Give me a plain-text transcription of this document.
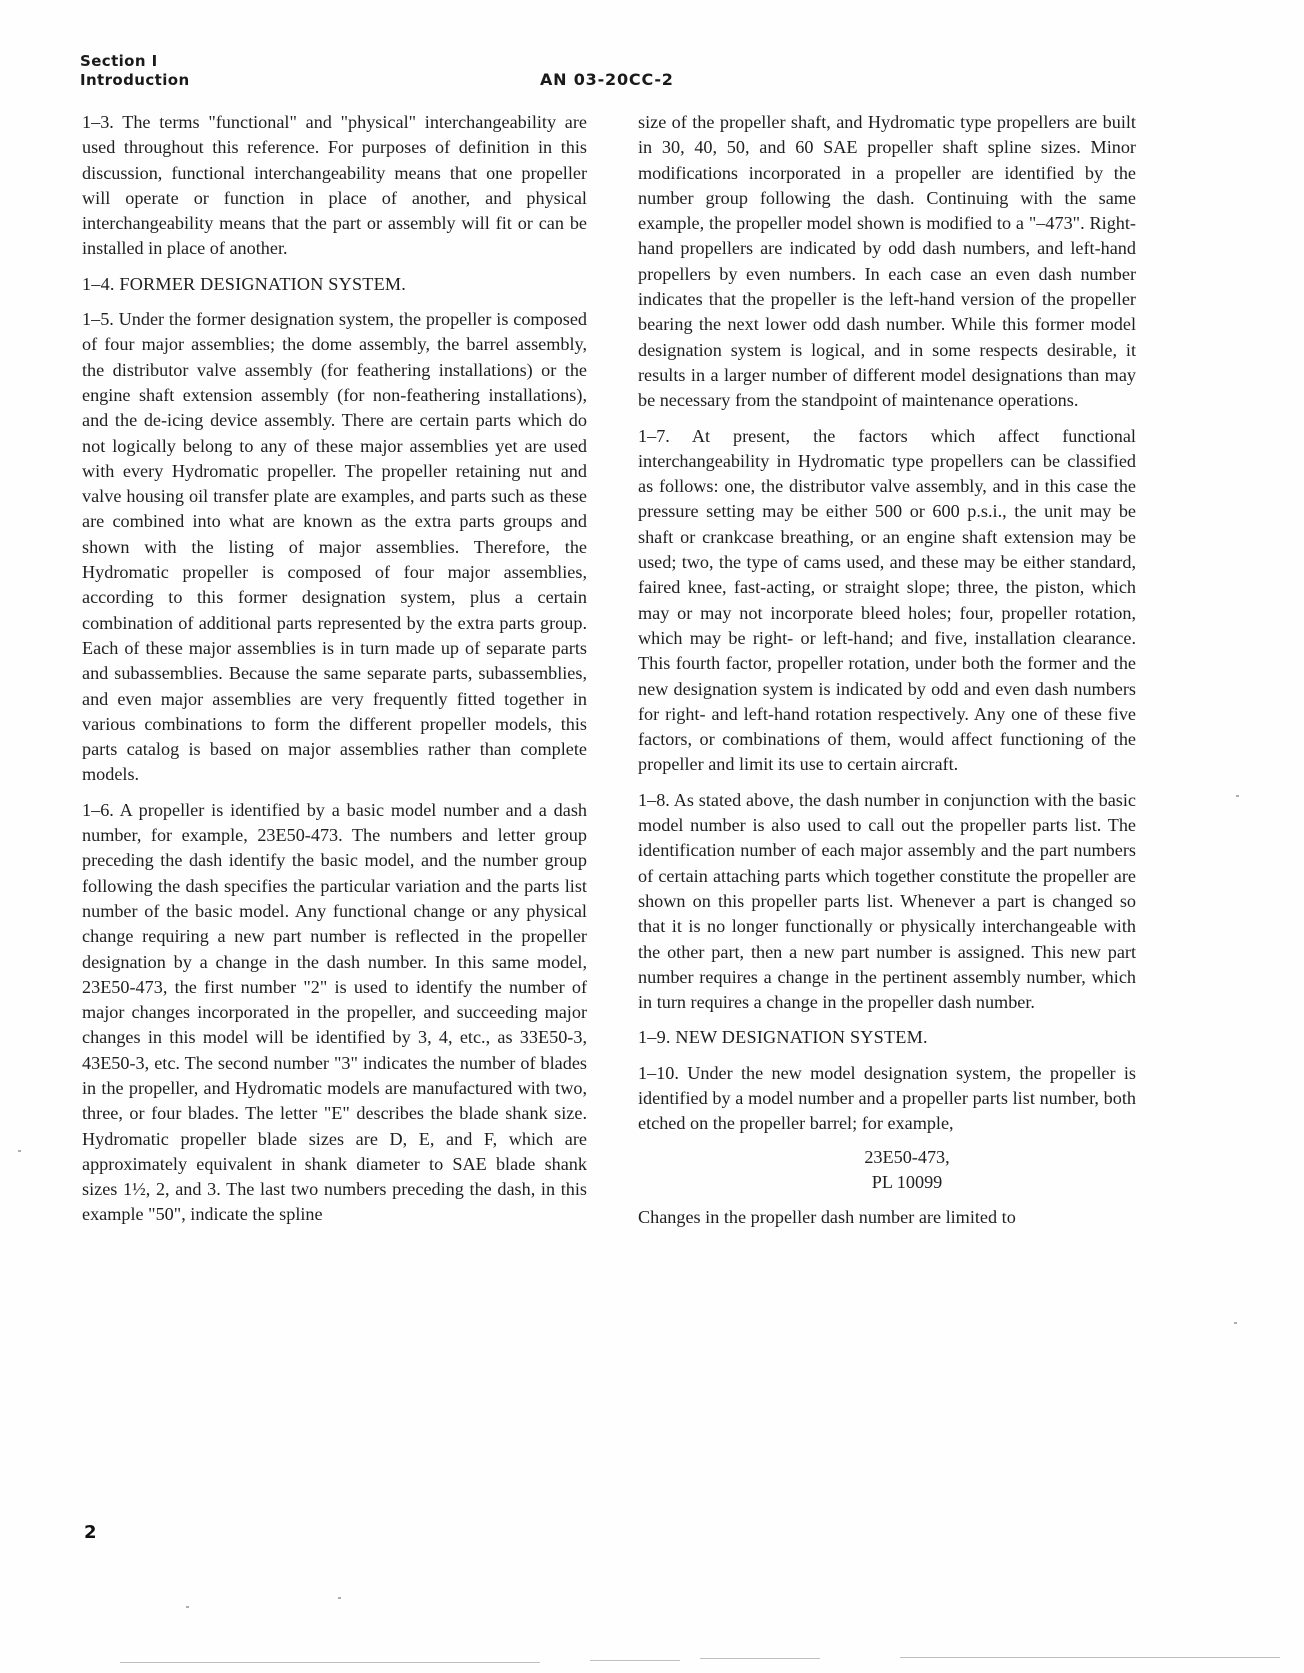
Section I
Introduction	AN 03-20CC-2

1–3. The terms "functional" and "physical" interchangeability are used throughout this reference. For purposes of definition in this discussion, functional interchangeability means that one propeller will operate or function in place of another, and physical interchangeability means that the part or assembly will fit or can be installed in place of another.

1–4. FORMER DESIGNATION SYSTEM.

1–5. Under the former designation system, the propeller is composed of four major assemblies; the dome assembly, the barrel assembly, the distributor valve assembly (for feathering installations) or the engine shaft extension assembly (for non-feathering installations), and the de-icing device assembly. There are certain parts which do not logically belong to any of these major assemblies yet are used with every Hydromatic propeller. The propeller retaining nut and valve housing oil transfer plate are examples, and parts such as these are combined into what are known as the extra parts groups and shown with the listing of major assemblies. Therefore, the Hydromatic propeller is composed of four major assemblies, according to this former designation system, plus a certain combination of additional parts represented by the extra parts group. Each of these major assemblies is in turn made up of separate parts and subassemblies. Because the same separate parts, subassemblies, and even major assemblies are very frequently fitted together in various combinations to form the different propeller models, this parts catalog is based on major assemblies rather than complete models.

1–6. A propeller is identified by a basic model number and a dash number, for example, 23E50-473. The numbers and letter group preceding the dash identify the basic model, and the number group following the dash specifies the particular variation and the parts list number of the basic model. Any functional change or any physical change requiring a new part number is reflected in the propeller designation by a change in the dash number. In this same model, 23E50-473, the first number "2" is used to identify the number of major changes incorporated in the propeller, and succeeding major changes in this model will be identified by 3, 4, etc., as 33E50-3, 43E50-3, etc. The second number "3" indicates the number of blades in the propeller, and Hydromatic models are manufactured with two, three, or four blades. The letter "E" describes the blade shank size. Hydromatic propeller blade sizes are D, E, and F, which are approximately equivalent in shank diameter to SAE blade shank sizes 1½, 2, and 3. The last two numbers preceding the dash, in this example "50", indicate the spline

size of the propeller shaft, and Hydromatic type propellers are built in 30, 40, 50, and 60 SAE propeller shaft spline sizes. Minor modifications incorporated in a propeller are identified by the number group following the dash. Continuing with the same example, the propeller model shown is modified to a "–473". Right-hand propellers are indicated by odd dash numbers, and left-hand propellers by even numbers. In each case an even dash number indicates that the propeller is the left-hand version of the propeller bearing the next lower odd dash number. While this former model designation system is logical, and in some respects desirable, it results in a larger number of different model designations than may be necessary from the standpoint of maintenance operations.

1–7. At present, the factors which affect functional interchangeability in Hydromatic type propellers can be classified as follows: one, the distributor valve assembly, and in this case the pressure setting may be either 500 or 600 p.s.i., the unit may be shaft or crankcase breathing, or an engine shaft extension may be used; two, the type of cams used, and these may be either standard, faired knee, fast-acting, or straight slope; three, the piston, which may or may not incorporate bleed holes; four, propeller rotation, which may be right- or left-hand; and five, installation clearance. This fourth factor, propeller rotation, under both the former and the new designation system is indicated by odd and even dash numbers for right- and left-hand rotation respectively. Any one of these five factors, or combinations of them, would affect functioning of the propeller and limit its use to certain aircraft.

1–8. As stated above, the dash number in conjunction with the basic model number is also used to call out the propeller parts list. The identification number of each major assembly and the part numbers of certain attaching parts which together constitute the propeller are shown on this propeller parts list. Whenever a part is changed so that it is no longer functionally or physically interchangeable with the other part, then a new part number is assigned. This new part number requires a change in the pertinent assembly number, which in turn requires a change in the propeller dash number.

1–9. NEW DESIGNATION SYSTEM.

1–10. Under the new model designation system, the propeller is identified by a model number and a propeller parts list number, both etched on the propeller barrel; for example,

23E50-473,
PL 10099

Changes in the propeller dash number are limited to

2
